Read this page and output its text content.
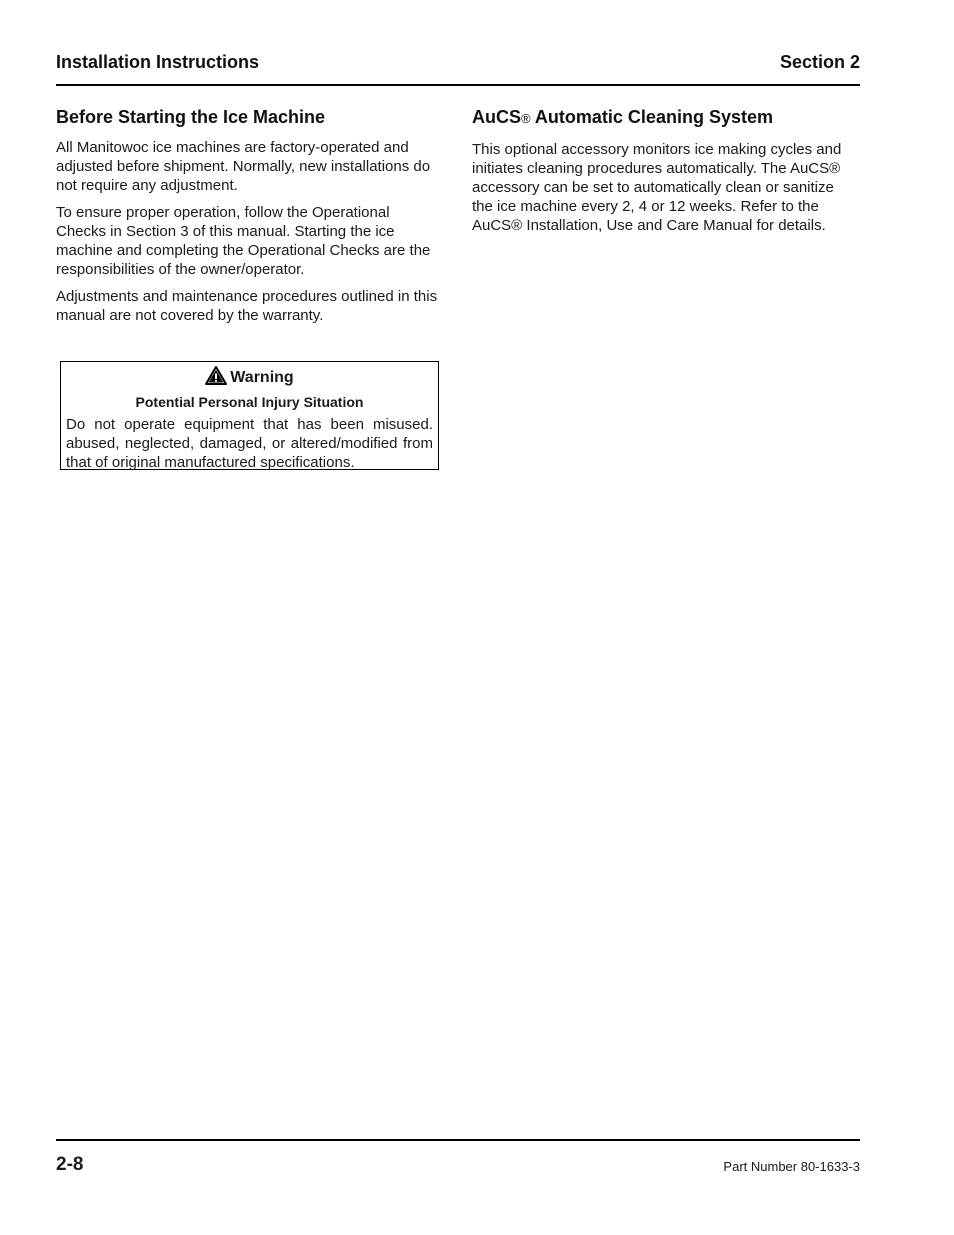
Installation Instructions	Section 2
Before Starting the Ice Machine

All Manitowoc ice machines are factory-operated and adjusted before shipment. Normally, new installations do not require any adjustment.

To ensure proper operation, follow the Operational Checks in Section 3 of this manual. Starting the ice machine and completing the Operational Checks are the responsibilities of the owner/operator.

Adjustments and maintenance procedures outlined in this manual are not covered by the warranty.

Warning
Potential Personal Injury Situation

Do not operate equipment that has been misused. abused, neglected, damaged, or altered/modified from that of original manufactured specifications.

AuCS® Automatic Cleaning System

This optional accessory monitors ice making cycles and initiates cleaning procedures automatically. The AuCS® accessory can be set to automatically clean or sanitize the ice machine every 2, 4 or 12 weeks. Refer to the AuCS® Installation, Use and Care Manual for details.

2-8	Part Number 80-1633-3
